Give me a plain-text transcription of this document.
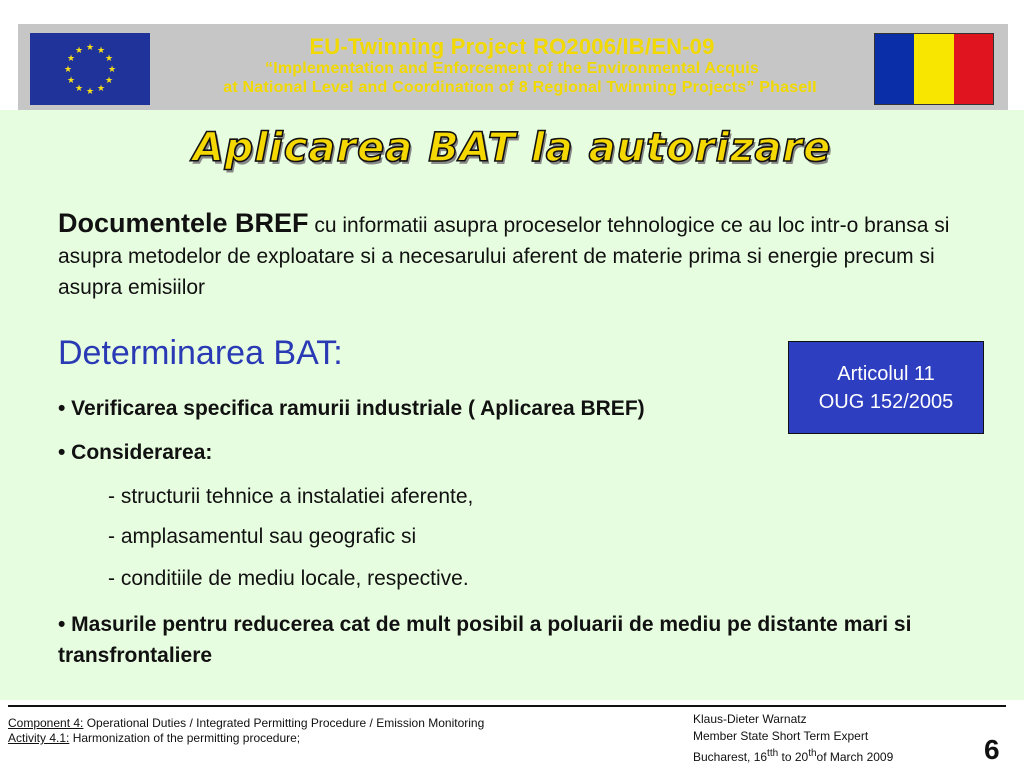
★ ★
★
★
★
★
★
★
★
★
★
★	EU-Twinning Project RO2006/IB/EN-09
“Implementation and Enforcement of the Environmental Acquis
at National Level and Coordination of 8 Regional Twinning Projects” PhaseII
Aplicarea BAT la autorizare
Documentele BREF cu informatii asupra proceselor tehnologice ce au loc intr-o bransa si asupra metodelor de exploatare si a necesarului aferent de materie prima si energie precum si asupra emisiilor
Determinarea BAT:
• Verificarea specifica ramurii industriale ( Aplicarea BREF)
• Considerarea:
- structurii tehnice a instalatiei aferente,
- amplasamentul sau geografic si
- conditiile de mediu locale, respective.
• Masurile pentru reducerea cat de mult posibil a poluarii de mediu pe distante mari si transfrontaliere
Articolul 11
OUG 152/2005
Component 4: Operational Duties / Integrated Permitting Procedure / Emission Monitoring
Activity 4.1: Harmonization of the permitting procedure;
Klaus-Dieter Warnatz
Member State Short Term Expert
Bucharest, $16^{tth}$ to 20thof March 2009	6
